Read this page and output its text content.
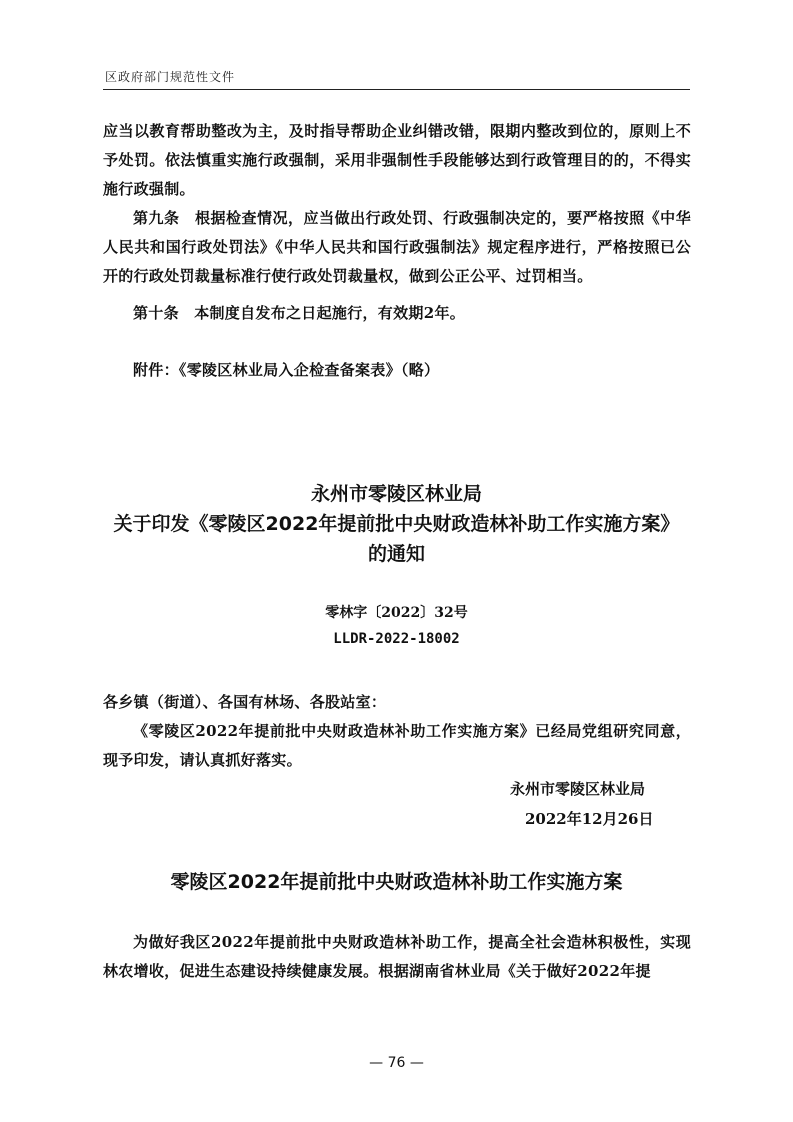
区政府部门规范性文件
应当以教育帮助整改为主，及时指导帮助企业纠错改错，限期内整改到位的，原则上不予处罚。依法慎重实施行政强制，采用非强制性手段能够达到行政管理目的的，不得实施行政强制。
第九条　根据检查情况，应当做出行政处罚、行政强制决定的，要严格按照《中华人民共和国行政处罚法》《中华人民共和国行政强制法》规定程序进行，严格按照已公开的行政处罚裁量标准行使行政处罚裁量权，做到公正公平、过罚相当。
第十条　本制度自发布之日起施行，有效期2年。
附件：《零陵区林业局入企检查备案表》（略）
永州市零陵区林业局
关于印发《零陵区2022年提前批中央财政造林补助工作实施方案》
的通知
零林字〔2022〕32号
LLDR-2022-18002
各乡镇（街道）、各国有林场、各股站室：
《零陵区2022年提前批中央财政造林补助工作实施方案》已经局党组研究同意，现予印发，请认真抓好落实。
永州市零陵区林业局
2022年12月26日
零陵区2022年提前批中央财政造林补助工作实施方案
为做好我区2022年提前批中央财政造林补助工作，提高全社会造林积极性，实现林农增收，促进生态建设持续健康发展。根据湖南省林业局《关于做好2022年提
— 76 —
